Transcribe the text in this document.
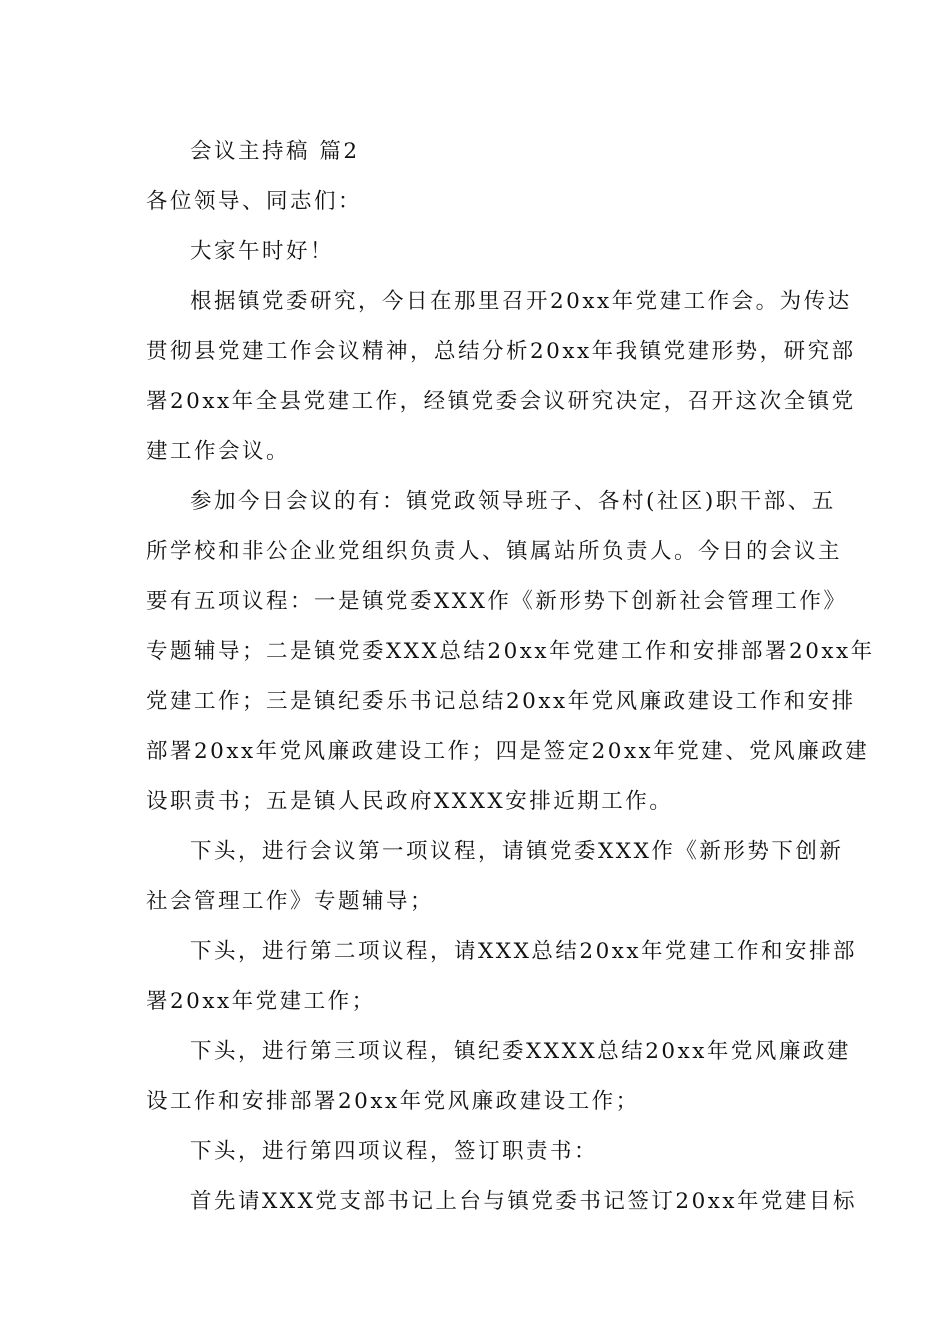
会议主持稿 篇2
各位领导、同志们：
大家午时好！
根据镇党委研究，今日在那里召开20xx年党建工作会。为传达
贯彻县党建工作会议精神，总结分析20xx年我镇党建形势，研究部
署20xx年全县党建工作，经镇党委会议研究决定，召开这次全镇党
建工作会议。
参加今日会议的有：镇党政领导班子、各村(社区)职干部、五
所学校和非公企业党组织负责人、镇属站所负责人。今日的会议主
要有五项议程：一是镇党委XXX作《新形势下创新社会管理工作》
专题辅导；二是镇党委XXX总结20xx年党建工作和安排部署20xx年
党建工作；三是镇纪委乐书记总结20xx年党风廉政建设工作和安排
部署20xx年党风廉政建设工作；四是签定20xx年党建、党风廉政建
设职责书；五是镇人民政府XXXX安排近期工作。
下头，进行会议第一项议程，请镇党委XXX作《新形势下创新
社会管理工作》专题辅导；
下头，进行第二项议程，请XXX总结20xx年党建工作和安排部
署20xx年党建工作；
下头，进行第三项议程，镇纪委XXXX总结20xx年党风廉政建
设工作和安排部署20xx年党风廉政建设工作；
下头，进行第四项议程，签订职责书：
首先请XXX党支部书记上台与镇党委书记签订20xx年党建目标
